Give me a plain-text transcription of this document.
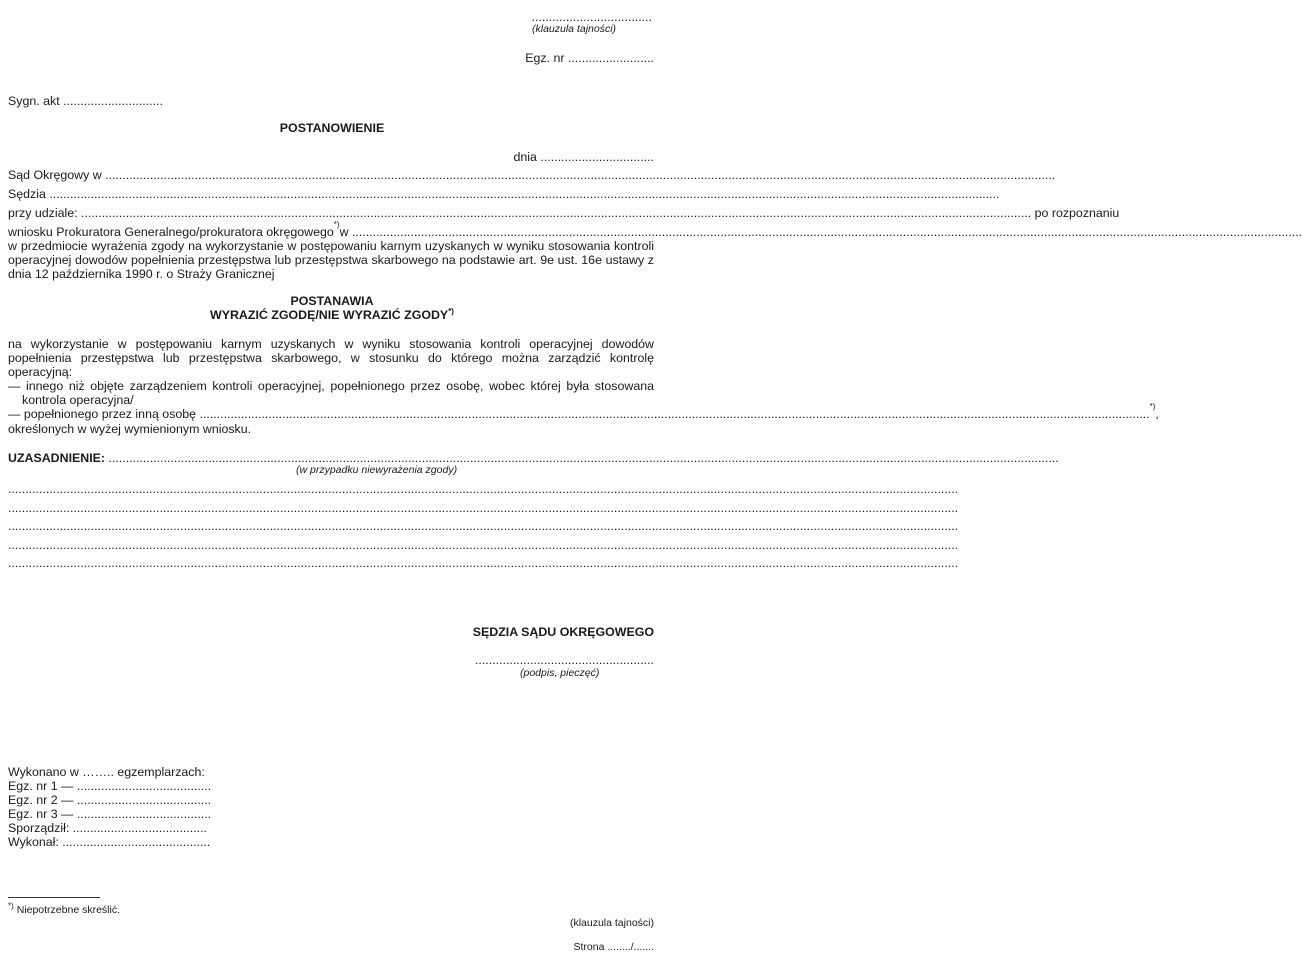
...................................
(klauzula tajności)
Egz. nr .........................
Sygn. akt .............................
POSTANOWIENIE
dnia .................................
Sąd Okręgowy w ....................................................................................................................................................................................................................................................................................
Sędzia ....................................................................................................................................................................................................................................................................................
przy udziale: ....................................................................................................................................................................................................................................................................................
po rozpoznaniu
wniosku Prokuratora Generalnego/prokuratora okręgowego
*)
w ....................................................................................................................................................................................................................................................................................
w przedmiocie wyrażenia zgody na wykorzystanie w postępowaniu karnym uzyskanych w wyniku stosowania kontroli operacyjnej dowodów popełnienia przestępstwa lub przestępstwa skarbowego na podstawie art. 9e ust. 16e ustawy z dnia 12 października 1990 r. o Straży Granicznej
POSTANAWIA
WYRAZIĆ ZGODĘ/NIE WYRAZIĆ ZGODY*)
na wykorzystanie w postępowaniu karnym uzyskanych w wyniku stosowania kontroli operacyjnej dowodów popełnienia przestępstwa lub przestępstwa skarbowego, w stosunku do którego można zarządzić kontrolę operacyjną:
— innego niż objęte zarządzeniem kontroli operacyjnej, popełnionego przez osobę, wobec której była stosowana kontrola operacyjna/
— popełnionego przez inną osobę ....................................................................................................................................................................................................................................................................................
*)
,
określonych w wyżej wymienionym wniosku.
UZASADNIENIE: ....................................................................................................................................................................................................................................................................................
(w przypadku niewyrażenia zgody)
....................................................................................................................................................................................................................................................................................
....................................................................................................................................................................................................................................................................................
....................................................................................................................................................................................................................................................................................
....................................................................................................................................................................................................................................................................................
....................................................................................................................................................................................................................................................................................
SĘDZIA SĄDU OKRĘGOWEGO
....................................................
(podpis, pieczęć)
Wykonano w …….. egzemplarzach:
Egz. nr 1 — .......................................
Egz. nr 2 — .......................................
Egz. nr 3 — .......................................
Sporządził: .......................................
Wykonał: ...........................................
*) Niepotrzebne skreślić.
(klauzula tajności)
Strona ......../.......
